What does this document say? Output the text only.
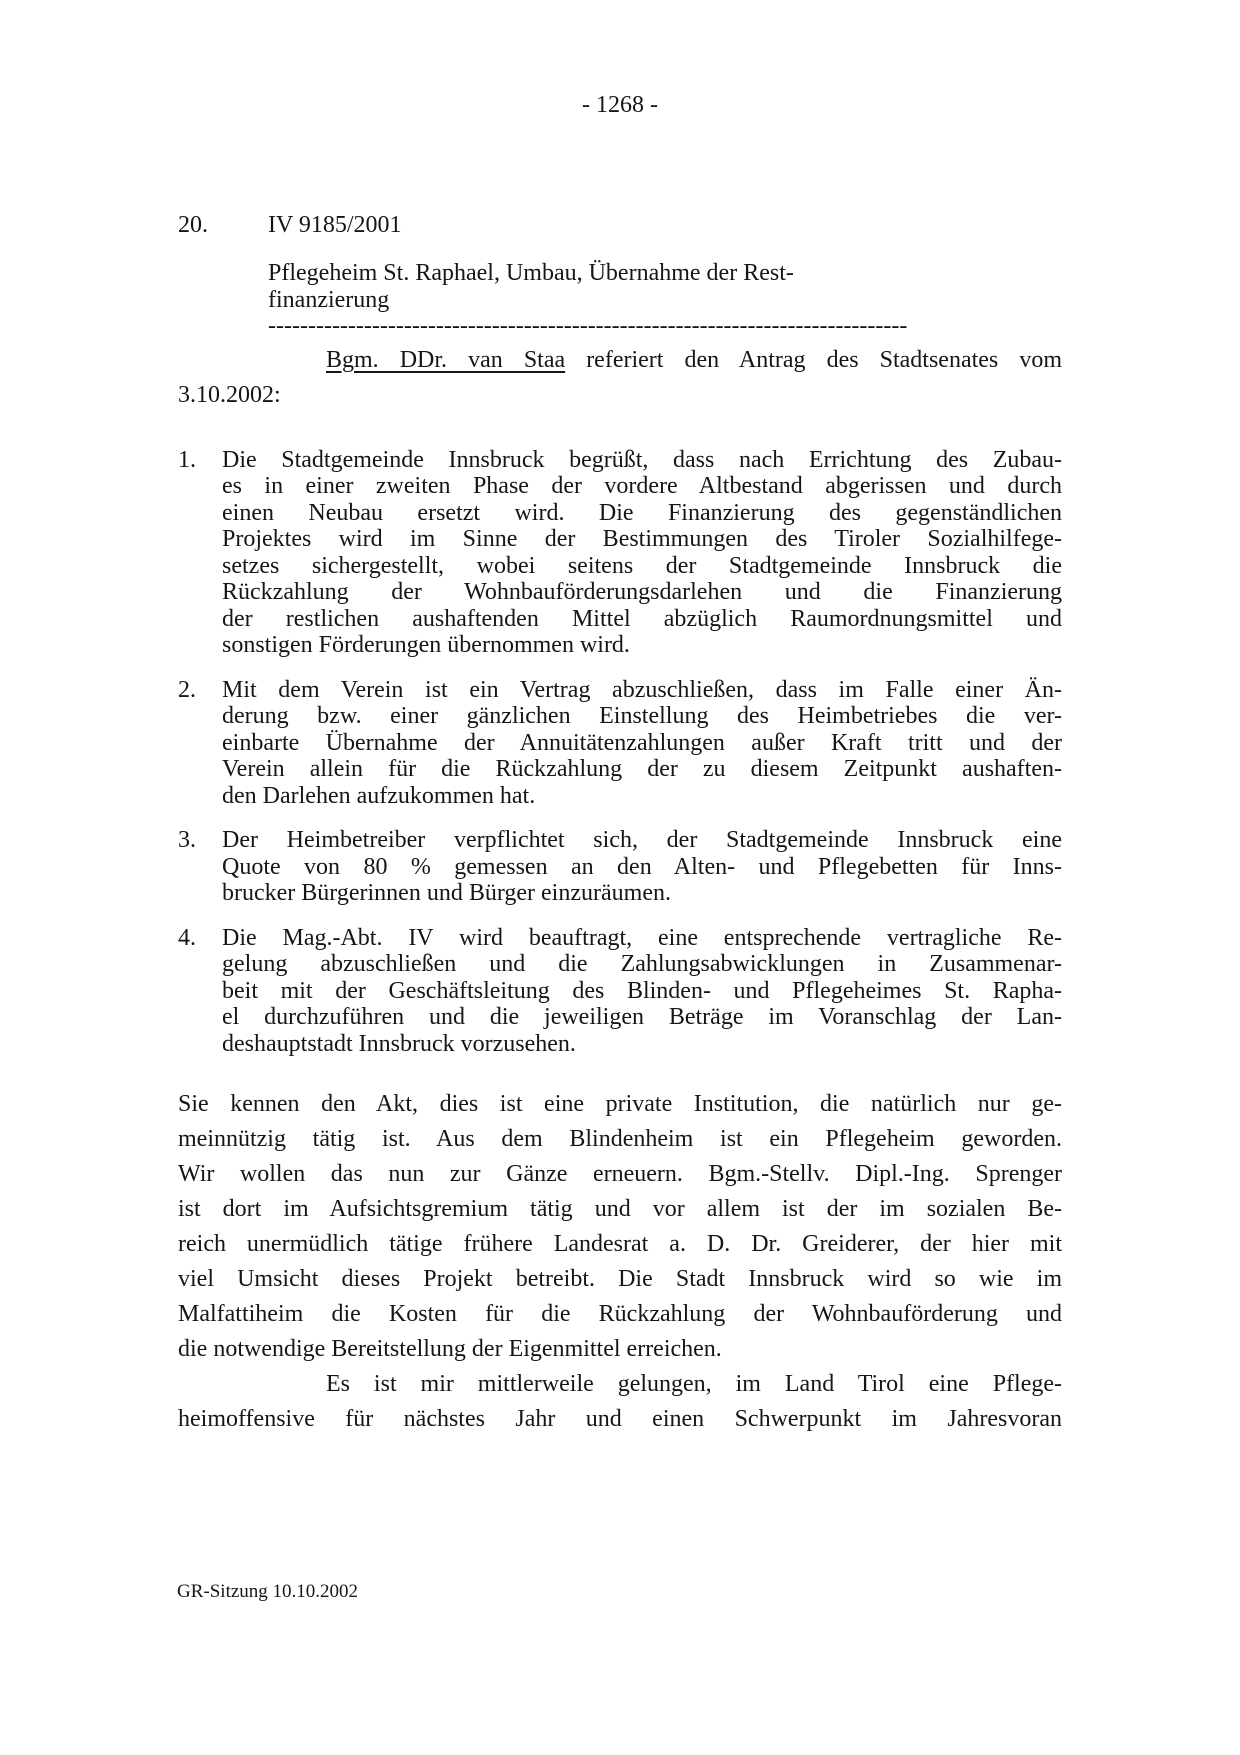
- 1268 -
20.	IV 9185/2001
Pflegeheim St. Raphael, Umbau, Übernahme der Rest-
finanzierung
--------------------------------------------------------------------------------
Bgm. DDr. van Staa referiert den Antrag des Stadtsenates vom
3.10.2002:
1.	Die Stadtgemeinde Innsbruck begrüßt, dass nach Errichtung des Zubau-
es in einer zweiten Phase der vordere Altbestand abgerissen und durch
einen Neubau ersetzt wird. Die Finanzierung des gegenständlichen
Projektes wird im Sinne der Bestimmungen des Tiroler Sozialhilfege-
setzes sichergestellt, wobei seitens der Stadtgemeinde Innsbruck die
Rückzahlung der Wohnbauförderungsdarlehen und die Finanzierung
der restlichen aushaftenden Mittel abzüglich Raumordnungsmittel und
sonstigen Förderungen übernommen wird.
2.	Mit dem Verein ist ein Vertrag abzuschließen, dass im Falle einer Än-
derung bzw. einer gänzlichen Einstellung des Heimbetriebes die ver-
einbarte Übernahme der Annuitätenzahlungen außer Kraft tritt und der
Verein allein für die Rückzahlung der zu diesem Zeitpunkt aushaften-
den Darlehen aufzukommen hat.
3.	Der Heimbetreiber verpflichtet sich, der Stadtgemeinde Innsbruck eine
Quote von 80 % gemessen an den Alten- und Pflegebetten für Inns-
brucker Bürgerinnen und Bürger einzuräumen.
4.	Die Mag.-Abt. IV wird beauftragt, eine entsprechende vertragliche Re-
gelung abzuschließen und die Zahlungsabwicklungen in Zusammenar-
beit mit der Geschäftsleitung des Blinden- und Pflegeheimes St. Rapha-
el durchzuführen und die jeweiligen Beträge im Voranschlag der Lan-
deshauptstadt Innsbruck vorzusehen.
Sie kennen den Akt, dies ist eine private Institution, die natürlich nur ge-
meinnützig tätig ist. Aus dem Blindenheim ist ein Pflegeheim geworden.
Wir wollen das nun zur Gänze erneuern. Bgm.-Stellv. Dipl.-Ing. Sprenger
ist dort im Aufsichtsgremium tätig und vor allem ist der im sozialen Be-
reich unermüdlich tätige frühere Landesrat a. D. Dr. Greiderer, der hier mit
viel Umsicht dieses Projekt betreibt. Die Stadt Innsbruck wird so wie im
Malfattiheim die Kosten für die Rückzahlung der Wohnbauförderung und
die notwendige Bereitstellung der Eigenmittel erreichen.
Es ist mir mittlerweile gelungen, im Land Tirol eine Pflege-
heimoffensive für nächstes Jahr und einen Schwerpunkt im Jahresvoran
GR-Sitzung 10.10.2002
